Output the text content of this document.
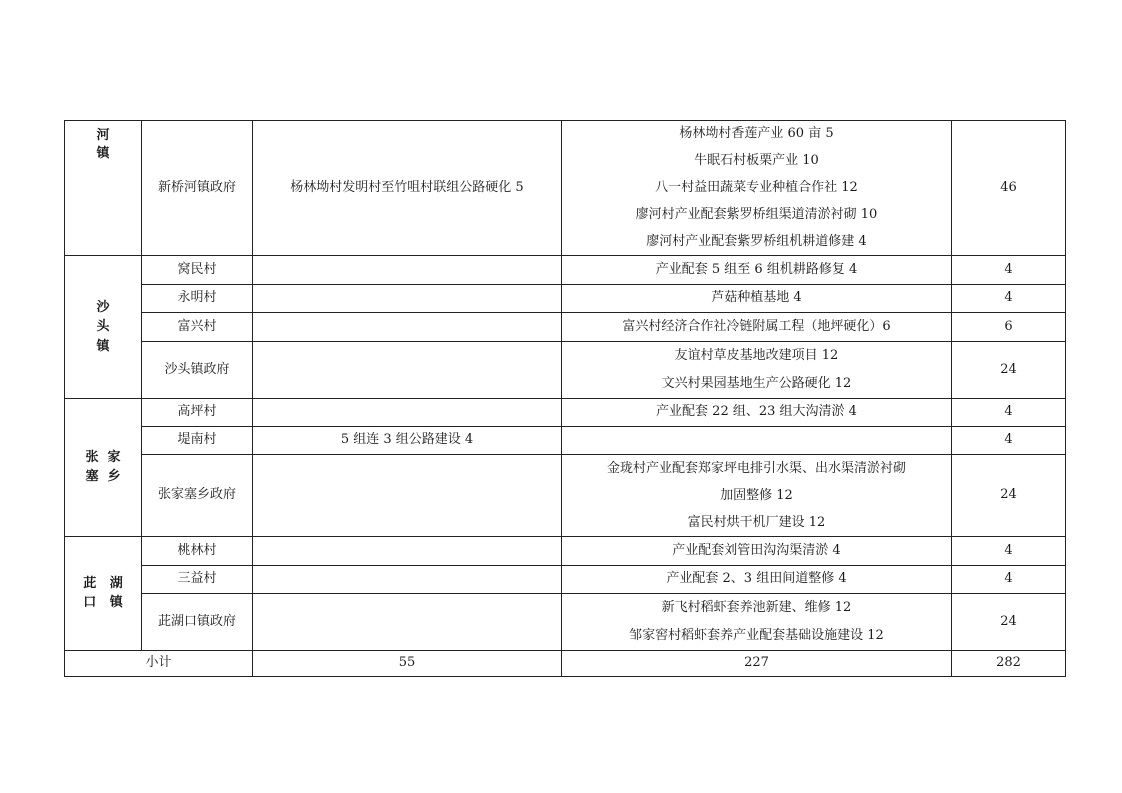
河
镇	新桥河镇政府	杨林坳村发明村至竹咀村联组公路硬化 5	杨林坳村香莲产业 60 亩 5
牛眠石村板栗产业 10
八一村益田蔬菜专业种植合作社 12
廖河村产业配套紫罗桥组渠道清淤衬砌 10
廖河村产业配套紫罗桥组机耕道修建 4	46

沙
头
镇	窝民村		产业配套 5 组至 6 组机耕路修复 4	4
	永明村		芦菇种植基地 4	4
	富兴村		富兴村经济合作社冷链附属工程（地坪硬化）6	6
	沙头镇政府		友谊村草皮基地改建项目 12
文兴村果园基地生产公路硬化 12	24

张 家
塞 乡	高坪村		产业配套 22 组、23 组大沟清淤 4	4
	堤南村	5 组连 3 组公路建设 4		4
	张家塞乡政府		金珑村产业配套郑家坪电排引水渠、出水渠清淤衬砌
加固整修 12
富民村烘干机厂建设 12	24

茈 湖
口 镇	桃林村		产业配套刘管田沟沟渠清淤 4	4
	三益村		产业配套 2、3 组田间道整修 4	4
	茈湖口镇政府		新飞村稻虾套养池新建、维修 12
邹家窖村稻虾套养产业配套基础设施建设 12	24
小计		55	227	282
